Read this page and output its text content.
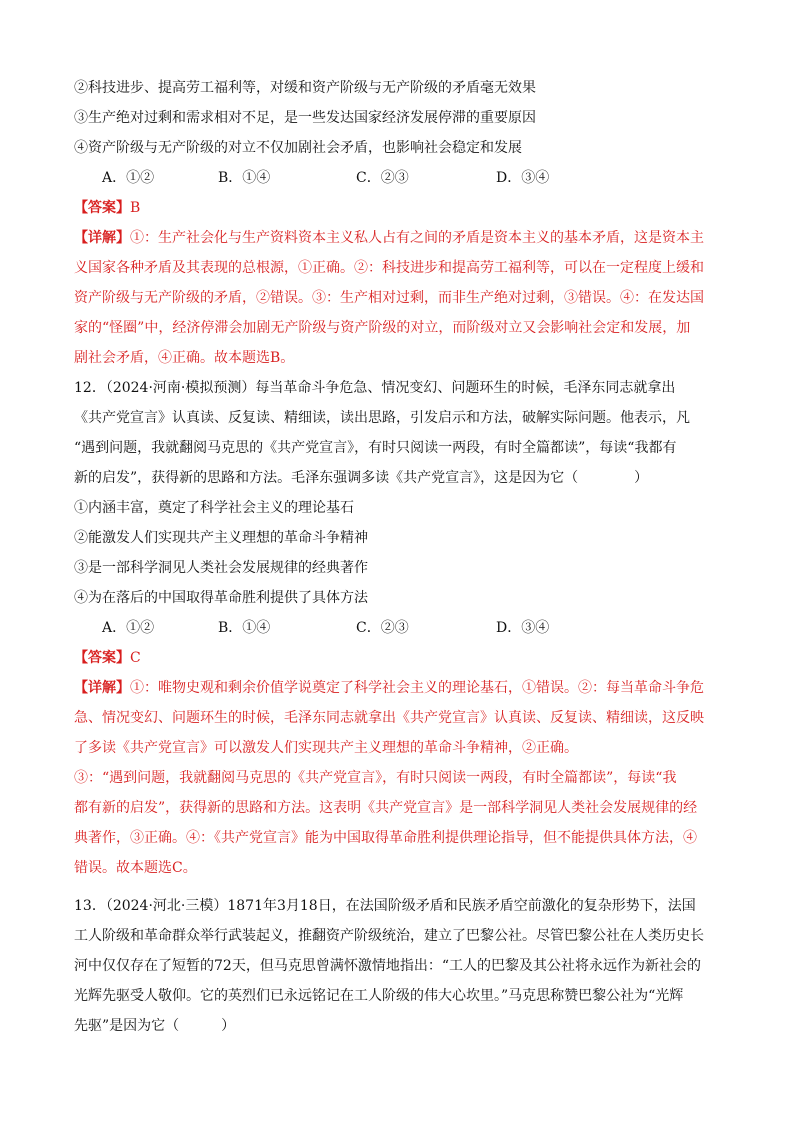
②科技进步、提高劳工福利等，对缓和资产阶级与无产阶级的矛盾毫无效果
③生产绝对过剩和需求相对不足，是一些发达国家经济发展停滞的重要原因
④资产阶级与无产阶级的对立不仅加剧社会矛盾，也影响社会稳定和发展
A．①②	B．①④	C．②③	D．③④
【答案】B
【详解】①：生产社会化与生产资料资本主义私人占有之间的矛盾是资本主义的基本矛盾，这是资本主
义国家各种矛盾及其表现的总根源，①正确。②：科技进步和提高劳工福利等，可以在一定程度上缓和
资产阶级与无产阶级的矛盾，②错误。③：生产相对过剩，而非生产绝对过剩，③错误。④：在发达国
家的“怪圈”中，经济停滞会加剧无产阶级与资产阶级的对立，而阶级对立又会影响社会定和发展，加
剧社会矛盾，④正确。故本题选B。
12．（2024·河南·模拟预测）每当革命斗争危急、情况变幻、问题环生的时候，毛泽东同志就拿出
《共产党宣言》认真读、反复读、精细读，读出思路，引发启示和方法，破解实际问题。他表示，凡
“遇到问题，我就翻阅马克思的《共产党宣言》，有时只阅读一两段，有时全篇都读”，每读“我都有
新的启发”，获得新的思路和方法。毛泽东强调多读《共产党宣言》，这是因为它（　　　　）
①内涵丰富，奠定了科学社会主义的理论基石
②能激发人们实现共产主义理想的革命斗争精神
③是一部科学洞见人类社会发展规律的经典著作
④为在落后的中国取得革命胜利提供了具体方法
A．①②	B．①④	C．②③	D．③④
【答案】C
【详解】①：唯物史观和剩余价值学说奠定了科学社会主义的理论基石，①错误。②：每当革命斗争危
急、情况变幻、问题环生的时候，毛泽东同志就拿出《共产党宣言》认真读、反复读、精细读，这反映
了多读《共产党宣言》可以激发人们实现共产主义理想的革命斗争精神，②正确。
③：“遇到问题，我就翻阅马克思的《共产党宣言》，有时只阅读一两段，有时全篇都读”，每读“我
都有新的启发”，获得新的思路和方法。这表明《共产党宣言》是一部科学洞见人类社会发展规律的经
典著作，③正确。④：《共产党宣言》能为中国取得革命胜利提供理论指导，但不能提供具体方法，④
错误。故本题选C。
13．（2024·河北·三模）1871年3月18日，在法国阶级矛盾和民族矛盾空前激化的复杂形势下，法国
工人阶级和革命群众举行武装起义，推翻资产阶级统治，建立了巴黎公社。尽管巴黎公社在人类历史长
河中仅仅存在了短暂的72天，但马克思曾满怀激情地指出：“工人的巴黎及其公社将永远作为新社会的
光辉先驱受人敬仰。它的英烈们已永远铭记在工人阶级的伟大心坎里。”马克思称赞巴黎公社为“光辉
先驱”是因为它（　　　）
